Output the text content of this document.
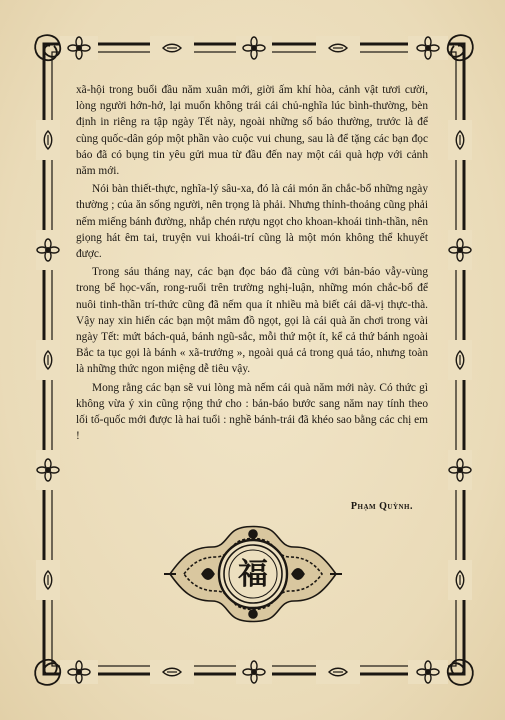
xã-hội trong buổi đầu năm xuân mới, giời ấm khí hòa, cảnh vật tươi cười, lòng người hớn-hở, lại muốn không trái cái chủ-nghĩa lúc bình-thường, bèn định in riêng ra tập ngày Tết này, ngoài những số báo thường, trước là để cùng quốc-dân góp một phần vào cuộc vui chung, sau là để tặng các bạn đọc báo đã có bụng tin yêu gửi mua từ đầu đến nay một cái quà hợp với cảnh năm mới.

Nói bàn thiết-thực, nghĩa-lý sâu-xa, đó là cái món ăn chắc-bổ những ngày thường ; của ăn sống người, nên trọng là phải. Nhưng thỉnh-thoảng cũng phải nếm miếng bánh đường, nhắp chén rượu ngọt cho khoan-khoái tinh-thần, nên giọng hát êm tai, truyện vui khoái-trí cũng là một món không thể khuyết được.

Trong sáu tháng nay, các bạn đọc báo đã cùng với bản-báo vẫy-vùng trong bể học-vấn, rong-ruổi trên trường nghị-luận, những món chắc-bổ để nuôi tinh-thần trí-thức cũng đã nếm qua ít nhiều mà biết cái dã-vị thực-thà. Vậy nay xin hiến các bạn một mâm đồ ngọt, gọi là cái quà ăn chơi trong vài ngày Tết: mứt bách-quả, bánh ngũ-sắc, mỗi thứ một ít, kể cả thứ bánh ngoài Bắc ta tục gọi là bánh « xã-trưởng », ngoài quả cả trong quả táo, nhưng toàn là những thức ngon miệng dễ tiêu vậy.

Mong rằng các bạn sẽ vui lòng mà nếm cái quà năm mới này. Có thức gì không vừa ý xin cũng rộng thứ cho : bản-báo bước sang năm nay tính theo lối tố-quốc mới được là hai tuổi : nghề bánh-trái đã khéo sao bằng các chị em !

Phạm Quỳnh.
福
